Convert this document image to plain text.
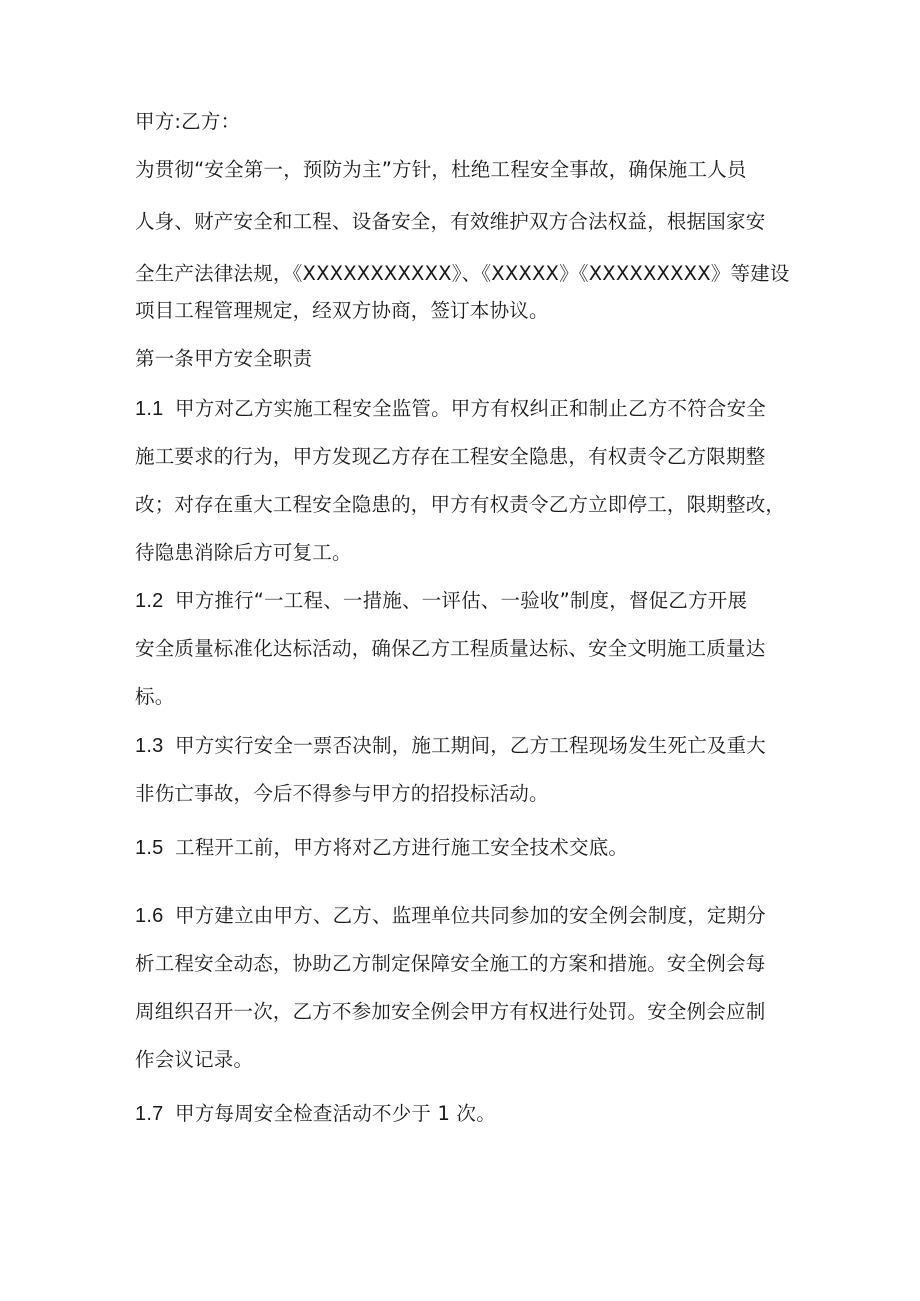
甲方:乙方：
为贯彻“安全第一，预防为主”方针，杜绝工程安全事故，确保施工人员
人身、财产安全和工程、设备安全，有效维护双方合法权益，根据国家安
全生产法律法规，《XXXXXXXXXXX》、《XXXXX》《XXXXXXXXX》等建设
项目工程管理规定，经双方协商，签订本协议。
第一条甲方安全职责
1.1 甲方对乙方实施工程安全监管。甲方有权纠正和制止乙方不符合安全
施工要求的行为，甲方发现乙方存在工程安全隐患，有权责令乙方限期整
改；对存在重大工程安全隐患的，甲方有权责令乙方立即停工，限期整改，
待隐患消除后方可复工。
1.2 甲方推行“一工程、一措施、一评估、一验收”制度，督促乙方开展
安全质量标准化达标活动，确保乙方工程质量达标、安全文明施工质量达
标。
1.3 甲方实行安全一票否决制，施工期间，乙方工程现场发生死亡及重大
非伤亡事故，今后不得参与甲方的招投标活动。
1.5 工程开工前，甲方将对乙方进行施工安全技术交底。
1.6 甲方建立由甲方、乙方、监理单位共同参加的安全例会制度，定期分
析工程安全动态，协助乙方制定保障安全施工的方案和措施。安全例会每
周组织召开一次，乙方不参加安全例会甲方有权进行处罚。安全例会应制
作会议记录。
1.7 甲方每周安全检查活动不少于 1 次。
